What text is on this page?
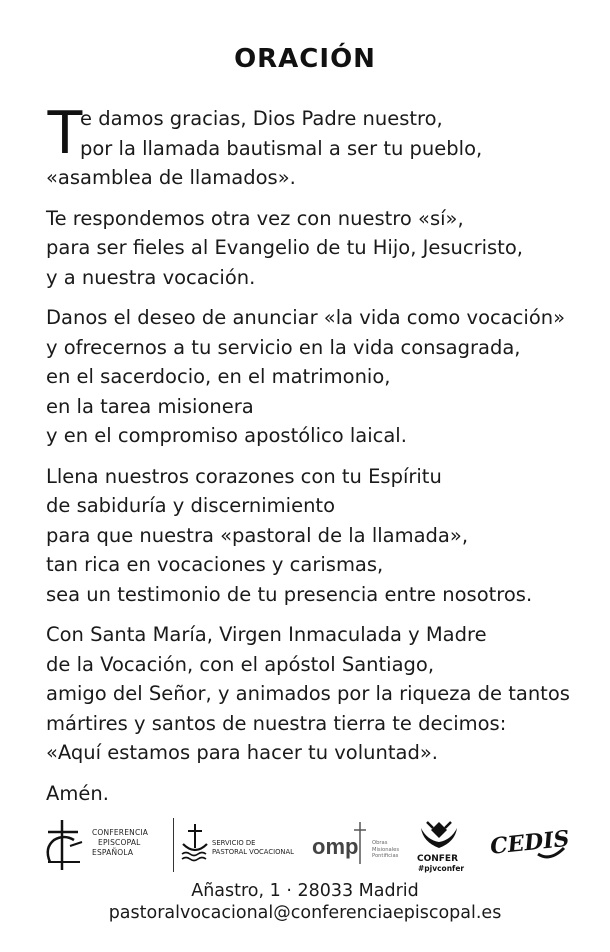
ORACIÓN
T
e damos gracias, Dios Padre nuestro,
por la llamada bautismal a ser tu pueblo,
«asamblea de llamados».
Te respondemos otra vez con nuestro «sí»,
para ser fieles al Evangelio de tu Hijo, Jesucristo,
y a nuestra vocación.
Danos el deseo de anunciar «la vida como vocación»
y ofrecernos a tu servicio en la vida consagrada,
en el sacerdocio, en el matrimonio,
en la tarea misionera
y en el compromiso apostólico laical.
Llena nuestros corazones con tu Espíritu
de sabiduría y discernimiento
para que nuestra «pastoral de la llamada»,
tan rica en vocaciones y carismas,
sea un testimonio de tu presencia entre nosotros.
Con Santa María, Virgen Inmaculada y Madre
de la Vocación, con el apóstol Santiago,
amigo del Señor, y animados por la riqueza de tantos
mártires y santos de nuestra tierra te decimos:
«Aquí estamos para hacer tu voluntad».
Amén.
CONFERENCIA
EPISCOPAL
ESPAÑOLA
SERVICIO DE
PASTORAL VOCACIONAL omp	Obras
Misionales
Pontificias CONFER
#pjvconfer
CEDIS
Añastro, 1 · 28033 Madrid
pastoralvocacional@conferenciaepiscopal.es
